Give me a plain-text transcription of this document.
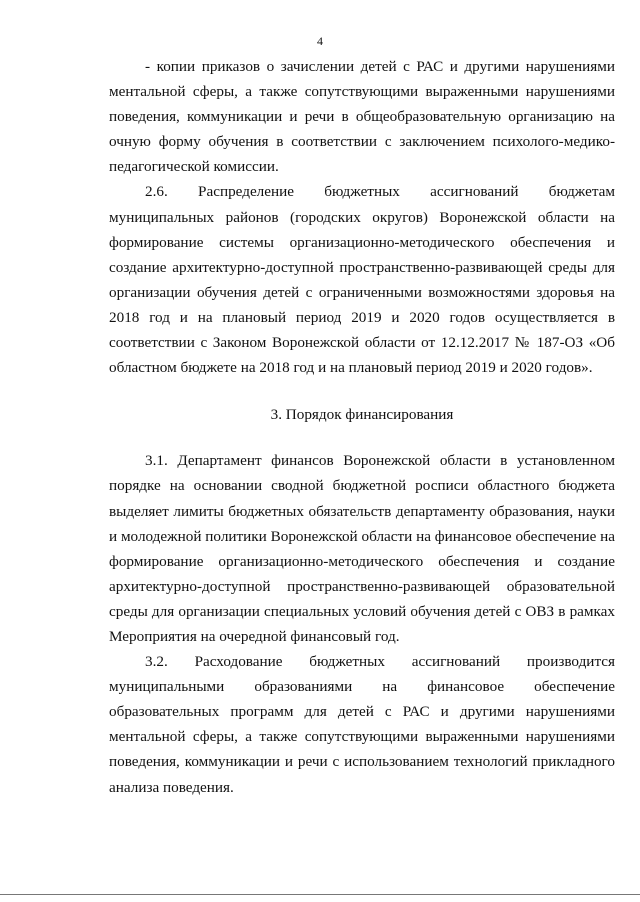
4

- копии приказов о зачислении детей с РАС и другими нарушениями ментальной сферы, а также сопутствующими выраженными нарушениями поведения, коммуникации и речи в общеобразовательную организацию на очную форму обучения в соответствии с заключением психолого-медико-педагогической комиссии.

2.6. Распределение бюджетных ассигнований бюджетам муниципальных районов (городских округов) Воронежской области на формирование системы организационно-методического обеспечения и создание архитектурно-доступной пространственно-развивающей среды для организации обучения детей с ограниченными возможностями здоровья на 2018 год и на плановый период 2019 и 2020 годов осуществляется в соответствии с Законом Воронежской области от 12.12.2017 № 187-ОЗ «Об областном бюджете на 2018 год и на плановый период 2019 и 2020 годов».

3. Порядок финансирования

3.1. Департамент финансов Воронежской области в установленном порядке на основании сводной бюджетной росписи областного бюджета выделяет лимиты бюджетных обязательств департаменту образования, науки и молодежной политики Воронежской области на финансовое обеспечение на формирование организационно-методического обеспечения и создание архитектурно-доступной пространственно-развивающей образовательной среды для организации специальных условий обучения детей с ОВЗ в рамках Мероприятия на очередной финансовый год.

3.2. Расходование бюджетных ассигнований производится муниципальными образованиями на финансовое обеспечение образовательных программ для детей с РАС и другими нарушениями ментальной сферы, а также сопутствующими выраженными нарушениями поведения, коммуникации и речи с использованием технологий прикладного анализа поведения.
